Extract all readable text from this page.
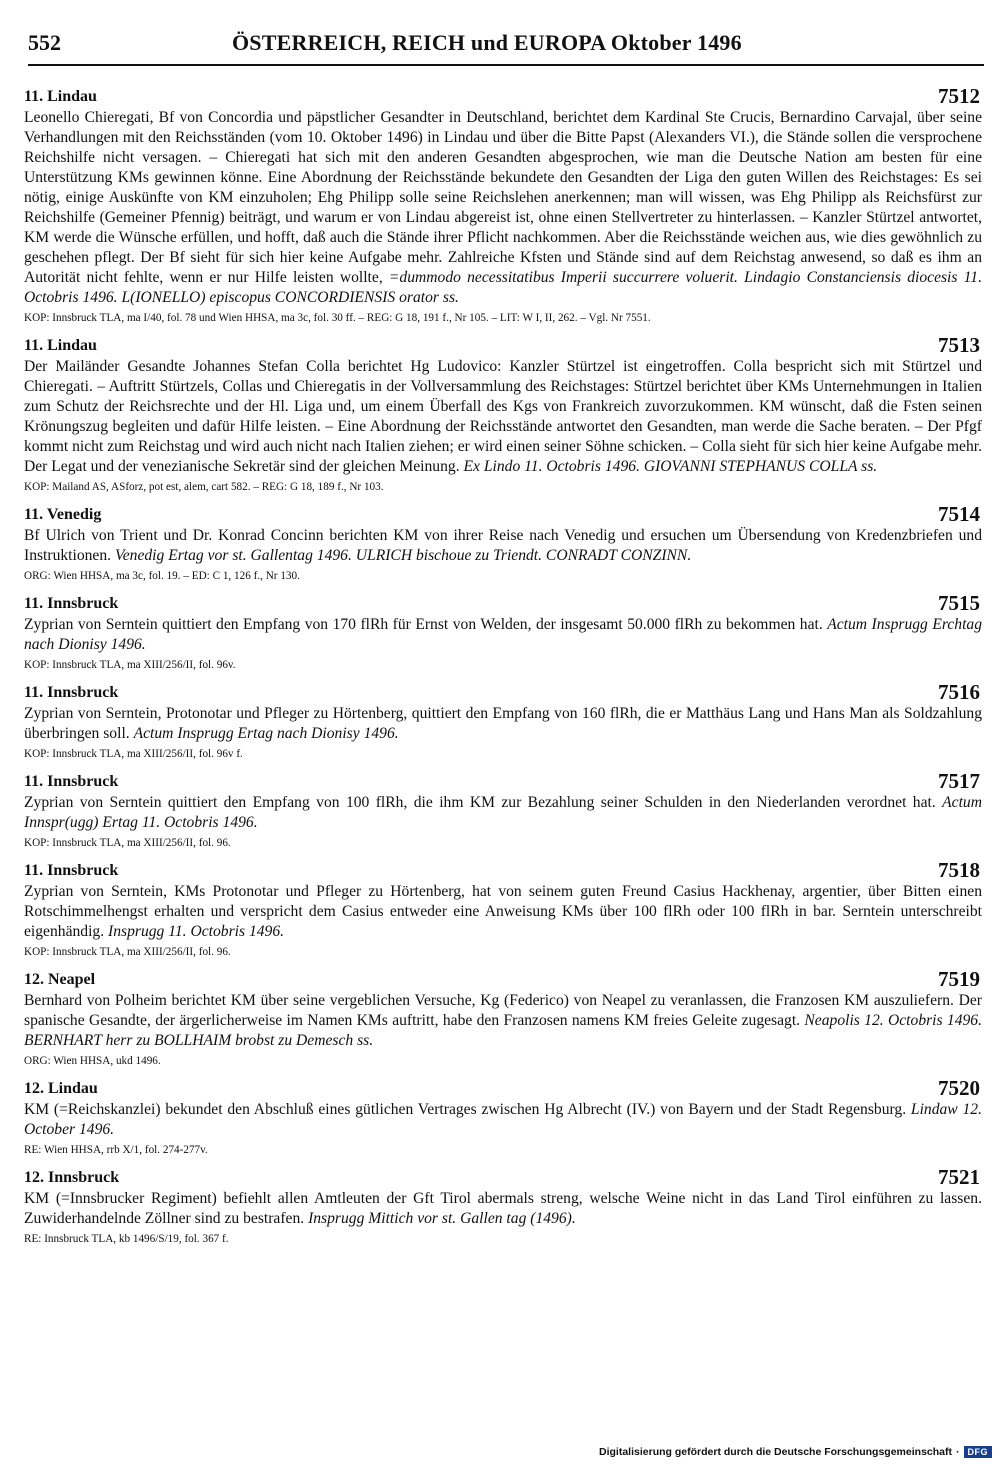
552	ÖSTERREICH, REICH und EUROPA Oktober 1496
11. Lindau	7512
Leonello Chieregati, Bf von Concordia und päpstlicher Gesandter in Deutschland, berichtet dem Kardinal Ste Crucis, Bernardino Carvajal, über seine Verhandlungen mit den Reichsständen (vom 10. Oktober 1496) in Lindau und über die Bitte Papst (Alexanders VI.), die Stände sollen die versprochene Reichshilfe nicht versagen. – Chieregati hat sich mit den anderen Gesandten abgesprochen, wie man die Deutsche Nation am besten für eine Unterstützung KMs gewinnen könne. Eine Abordnung der Reichsstände bekundete den Gesandten der Liga den guten Willen des Reichstages: Es sei nötig, einige Auskünfte von KM einzuholen; Ehg Philipp solle seine Reichslehen anerkennen; man will wissen, was Ehg Philipp als Reichsfürst zur Reichshilfe (Gemeiner Pfennig) beiträgt, und warum er von Lindau abgereist ist, ohne einen Stellvertreter zu hinterlassen. – Kanzler Stürtzel antwortet, KM werde die Wünsche erfüllen, und hofft, daß auch die Stände ihrer Pflicht nachkommen. Aber die Reichsstände weichen aus, wie dies gewöhnlich zu geschehen pflegt. Der Bf sieht für sich hier keine Aufgabe mehr. Zahlreiche Kfsten und Stände sind auf dem Reichstag anwesend, so daß es ihm an Autorität nicht fehlte, wenn er nur Hilfe leisten wollte, =dummodo necessitatibus Imperii succurrere voluerit. Lindagio Constanciensis diocesis 11. Octobris 1496. L(IONELLO) episcopus CONCORDIENSIS orator ss.
KOP: Innsbruck TLA, ma I/40, fol. 78 und Wien HHSA, ma 3c, fol. 30 ff. – REG: G 18, 191 f., Nr 105. – LIT: W I, II, 262. – Vgl. Nr 7551.
11. Lindau	7513
Der Mailänder Gesandte Johannes Stefan Colla berichtet Hg Ludovico: Kanzler Stürtzel ist eingetroffen. Colla bespricht sich mit Stürtzel und Chieregati. – Auftritt Stürtzels, Collas und Chieregatis in der Vollversammlung des Reichstages: Stürtzel berichtet über KMs Unternehmungen in Italien zum Schutz der Reichsrechte und der Hl. Liga und, um einem Überfall des Kgs von Frankreich zuvorzukommen. KM wünscht, daß die Fsten seinen Krönungszug begleiten und dafür Hilfe leisten. – Eine Abordnung der Reichsstände antwortet den Gesandten, man werde die Sache beraten. – Der Pfgf kommt nicht zum Reichstag und wird auch nicht nach Italien ziehen; er wird einen seiner Söhne schicken. – Colla sieht für sich hier keine Aufgabe mehr. Der Legat und der venezianische Sekretär sind der gleichen Meinung. Ex Lindo 11. Octobris 1496. GIOVANNI STEPHANUS COLLA ss.
KOP: Mailand AS, ASforz, pot est, alem, cart 582. – REG: G 18, 189 f., Nr 103.
11. Venedig	7514
Bf Ulrich von Trient und Dr. Konrad Concinn berichten KM von ihrer Reise nach Venedig und ersuchen um Übersendung von Kredenzbriefen und Instruktionen. Venedig Ertag vor st. Gallentag 1496. ULRICH bischoue zu Triendt. CONRADT CONZINN.
ORG: Wien HHSA, ma 3c, fol. 19. – ED: C 1, 126 f., Nr 130.
11. Innsbruck	7515
Zyprian von Serntein quittiert den Empfang von 170 flRh für Ernst von Welden, der insgesamt 50.000 flRh zu bekommen hat. Actum Insprugg Erchtag nach Dionisy 1496.
KOP: Innsbruck TLA, ma XIII/256/II, fol. 96v.
11. Innsbruck	7516
Zyprian von Serntein, Protonotar und Pfleger zu Hörtenberg, quittiert den Empfang von 160 flRh, die er Matthäus Lang und Hans Man als Soldzahlung überbringen soll. Actum Insprugg Ertag nach Dionisy 1496.
KOP: Innsbruck TLA, ma XIII/256/II, fol. 96v f.
11. Innsbruck	7517
Zyprian von Serntein quittiert den Empfang von 100 flRh, die ihm KM zur Bezahlung seiner Schulden in den Niederlanden verordnet hat. Actum Innspr(ugg) Ertag 11. Octobris 1496.
KOP: Innsbruck TLA, ma XIII/256/II, fol. 96.
11. Innsbruck	7518
Zyprian von Serntein, KMs Protonotar und Pfleger zu Hörtenberg, hat von seinem guten Freund Casius Hackhenay, argentier, über Bitten einen Rotschimmelhengst erhalten und verspricht dem Casius entweder eine Anweisung KMs über 100 flRh oder 100 flRh in bar. Serntein unterschreibt eigenhändig. Insprugg 11. Octobris 1496.
KOP: Innsbruck TLA, ma XIII/256/II, fol. 96.
12. Neapel	7519
Bernhard von Polheim berichtet KM über seine vergeblichen Versuche, Kg (Federico) von Neapel zu veranlassen, die Franzosen KM auszuliefern. Der spanische Gesandte, der ärgerlicherweise im Namen KMs auftritt, habe den Franzosen namens KM freies Geleite zugesagt. Neapolis 12. Octobris 1496. BERNHART herr zu BOLLHAIM brobst zu Demesch ss.
ORG: Wien HHSA, ukd 1496.
12. Lindau	7520
KM (=Reichskanzlei) bekundet den Abschluß eines gütlichen Vertrages zwischen Hg Albrecht (IV.) von Bayern und der Stadt Regensburg. Lindaw 12. October 1496.
RE: Wien HHSA, rrb X/1, fol. 274-277v.
12. Innsbruck	7521
KM (=Innsbrucker Regiment) befiehlt allen Amtleuten der Gft Tirol abermals streng, welsche Weine nicht in das Land Tirol einführen zu lassen. Zuwiderhandelnde Zöllner sind zu bestrafen. Insprugg Mittich vor st. Gallen tag (1496).
RE: Innsbruck TLA, kb 1496/S/19, fol. 367 f.
Digitalisierung gefördert durch die Deutsche Forschungsgemeinschaft · DFG
